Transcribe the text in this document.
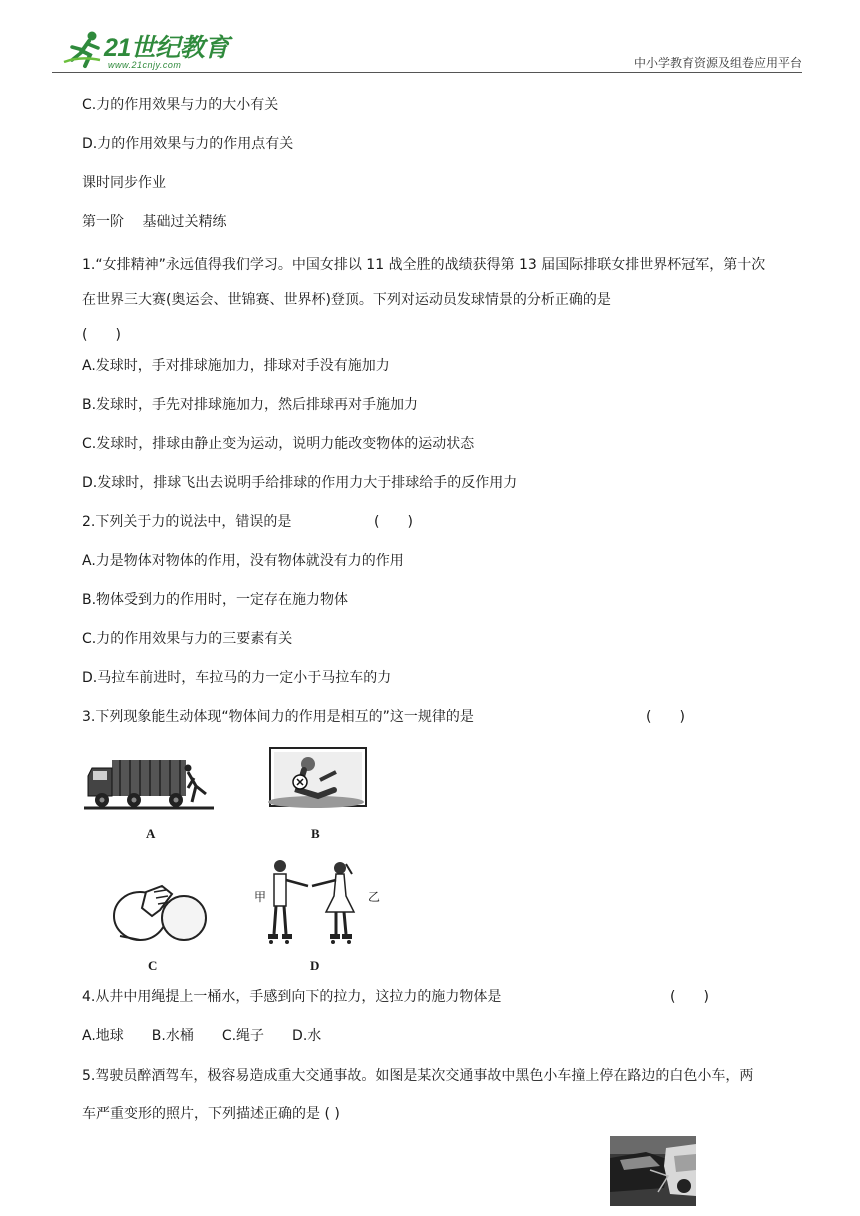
21世纪教育
www.21cnjy.com	中小学教育资源及组卷应用平台
C.力的作用效果与力的大小有关
D.力的作用效果与力的作用点有关
课时同步作业
第一阶　 基础过关精练
1.“女排精神”永远值得我们学习。中国女排以 11 战全胜的战绩获得第 13 届国际排联女排世界杯冠军，第十次
在世界三大赛(奥运会、世锦赛、世界杯)登顶。下列对运动员发球情景的分析正确的是
(　　)
A.发球时，手对排球施加力，排球对手没有施加力
B.发球时，手先对排球施加力，然后排球再对手施加力
C.发球时，排球由静止变为运动，说明力能改变物体的运动状态
D.发球时，排球飞出去说明手给排球的作用力大于排球给手的反作用力
2.下列关于力的说法中，错误的是	(　　)
A.力是物体对物体的作用，没有物体就没有力的作用
B.物体受到力的作用时，一定存在施力物体
C.力的作用效果与力的三要素有关
D.马拉车前进时，车拉马的力一定小于马拉车的力
3.下列现象能生动体现“物体间力的作用是相互的”这一规律的是	(　　)
A	B
C
甲	乙
D
4.从井中用绳提上一桶水，手感到向下的拉力，这拉力的施力物体是	(　　)
A.地球　　B.水桶　　C.绳子　　D.水
5.驾驶员醉酒驾车，极容易造成重大交通事故。如图是某次交通事故中黑色小车撞上停在路边的白色小车，两
车严重变形的照片，下列描述正确的是 ( )
